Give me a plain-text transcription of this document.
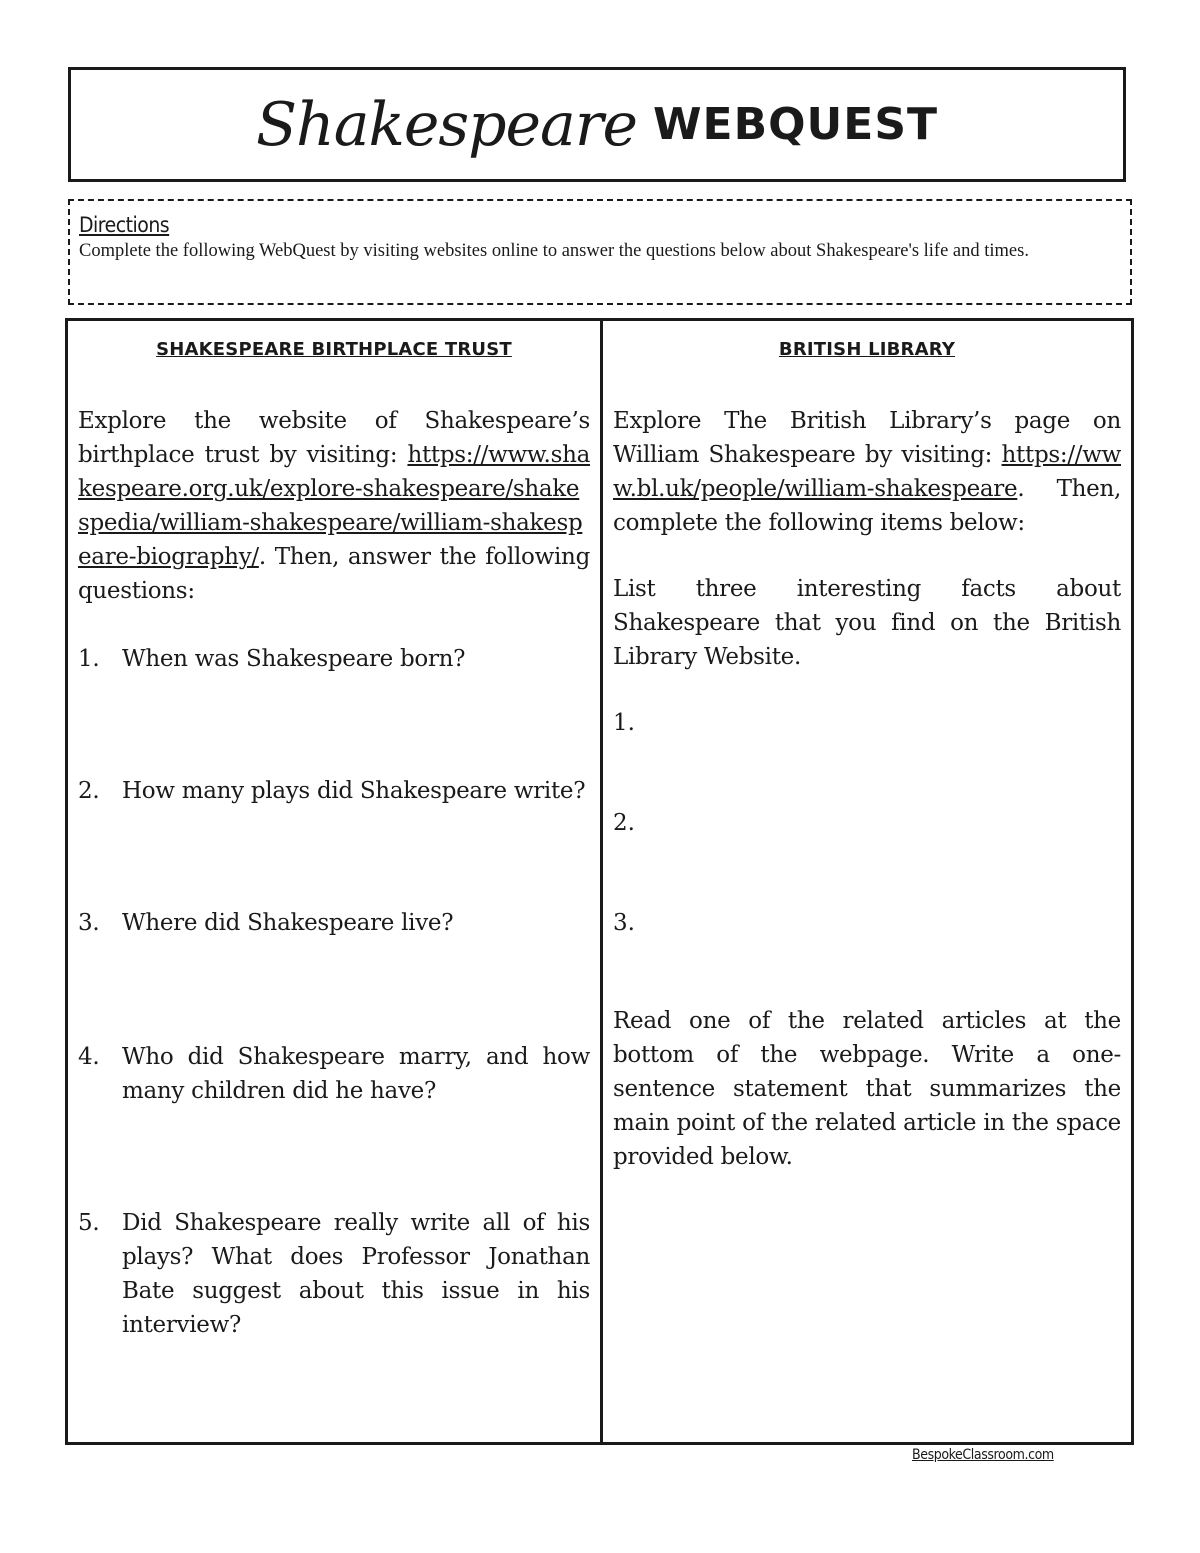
Shakespeare WEBQUEST
Directions
Complete the following WebQuest by visiting websites online to answer the questions below about Shakespeare's life and times.
SHAKESPEARE BIRTHPLACE TRUST

Explore the website of Shakespeare’s birthplace trust by visiting: https://www.shakespeare.org.uk/explore-shakespeare/shakespedia/william-shakespeare/william-shakespeare-biography/. Then, answer the following questions:

1. When was Shakespeare born?
2. How many plays did Shakespeare write?
3. Where did Shakespeare live?
4. Who did Shakespeare marry, and how many children did he have?
5. Did Shakespeare really write all of his plays? What does Professor Jonathan Bate suggest about this issue in his interview?
BRITISH LIBRARY

Explore The British Library’s page on William Shakespeare by visiting: https://www.bl.uk/people/william-shakespeare. Then, complete the following items below:

List three interesting facts about Shakespeare that you find on the British Library Website.

1.
2.
3.

Read one of the related articles at the bottom of the webpage. Write a one-sentence statement that summarizes the main point of the related article in the space provided below.

BespokeClassroom.com
